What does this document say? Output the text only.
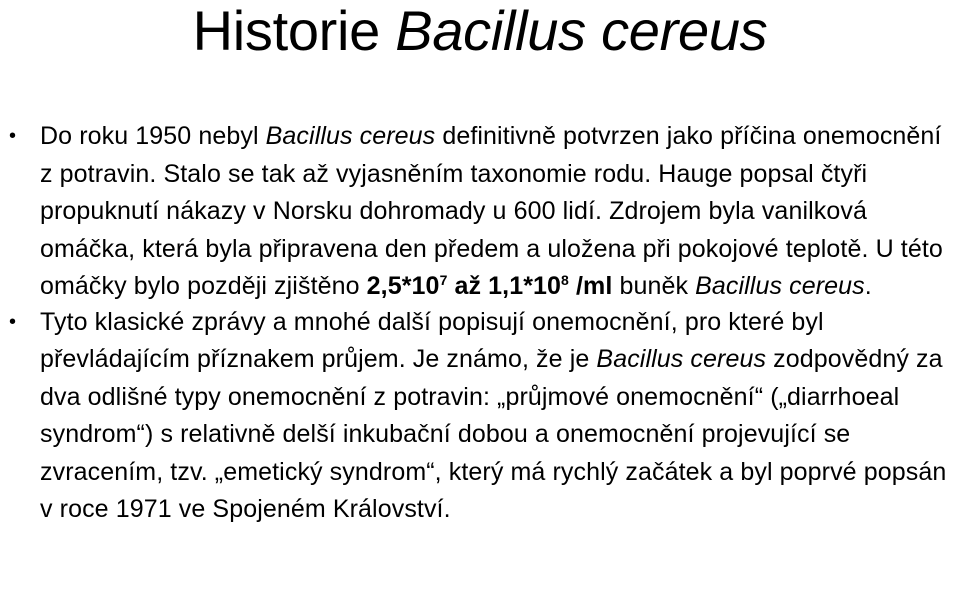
Historie Bacillus cereus
• Do roku 1950 nebyl Bacillus cereus definitivně potvrzen jako příčina onemocnění z potravin. Stalo se tak až vyjasněním taxonomie rodu. Hauge popsal čtyři propuknutí nákazy v Norsku dohromady u 600 lidí. Zdrojem byla vanilková omáčka, která byla připravena den předem a uložena při pokojové teplotě. U této omáčky bylo později zjištěno $2,5*10^7$ až $1,1*10^8$ /ml buněk Bacillus cereus.
• Tyto klasické zprávy a mnohé další popisují onemocnění, pro které byl převládajícím příznakem průjem. Je známo, že je Bacillus cereus zodpovědný za dva odlišné typy onemocnění z potravin: „průjmové onemocnění“ („diarrhoeal syndrom“) s relativně delší inkubační dobou a onemocnění projevující se zvracením, tzv. „emetický syndrom“, který má rychlý začátek a byl poprvé popsán v roce 1971 ve Spojeném Království.
